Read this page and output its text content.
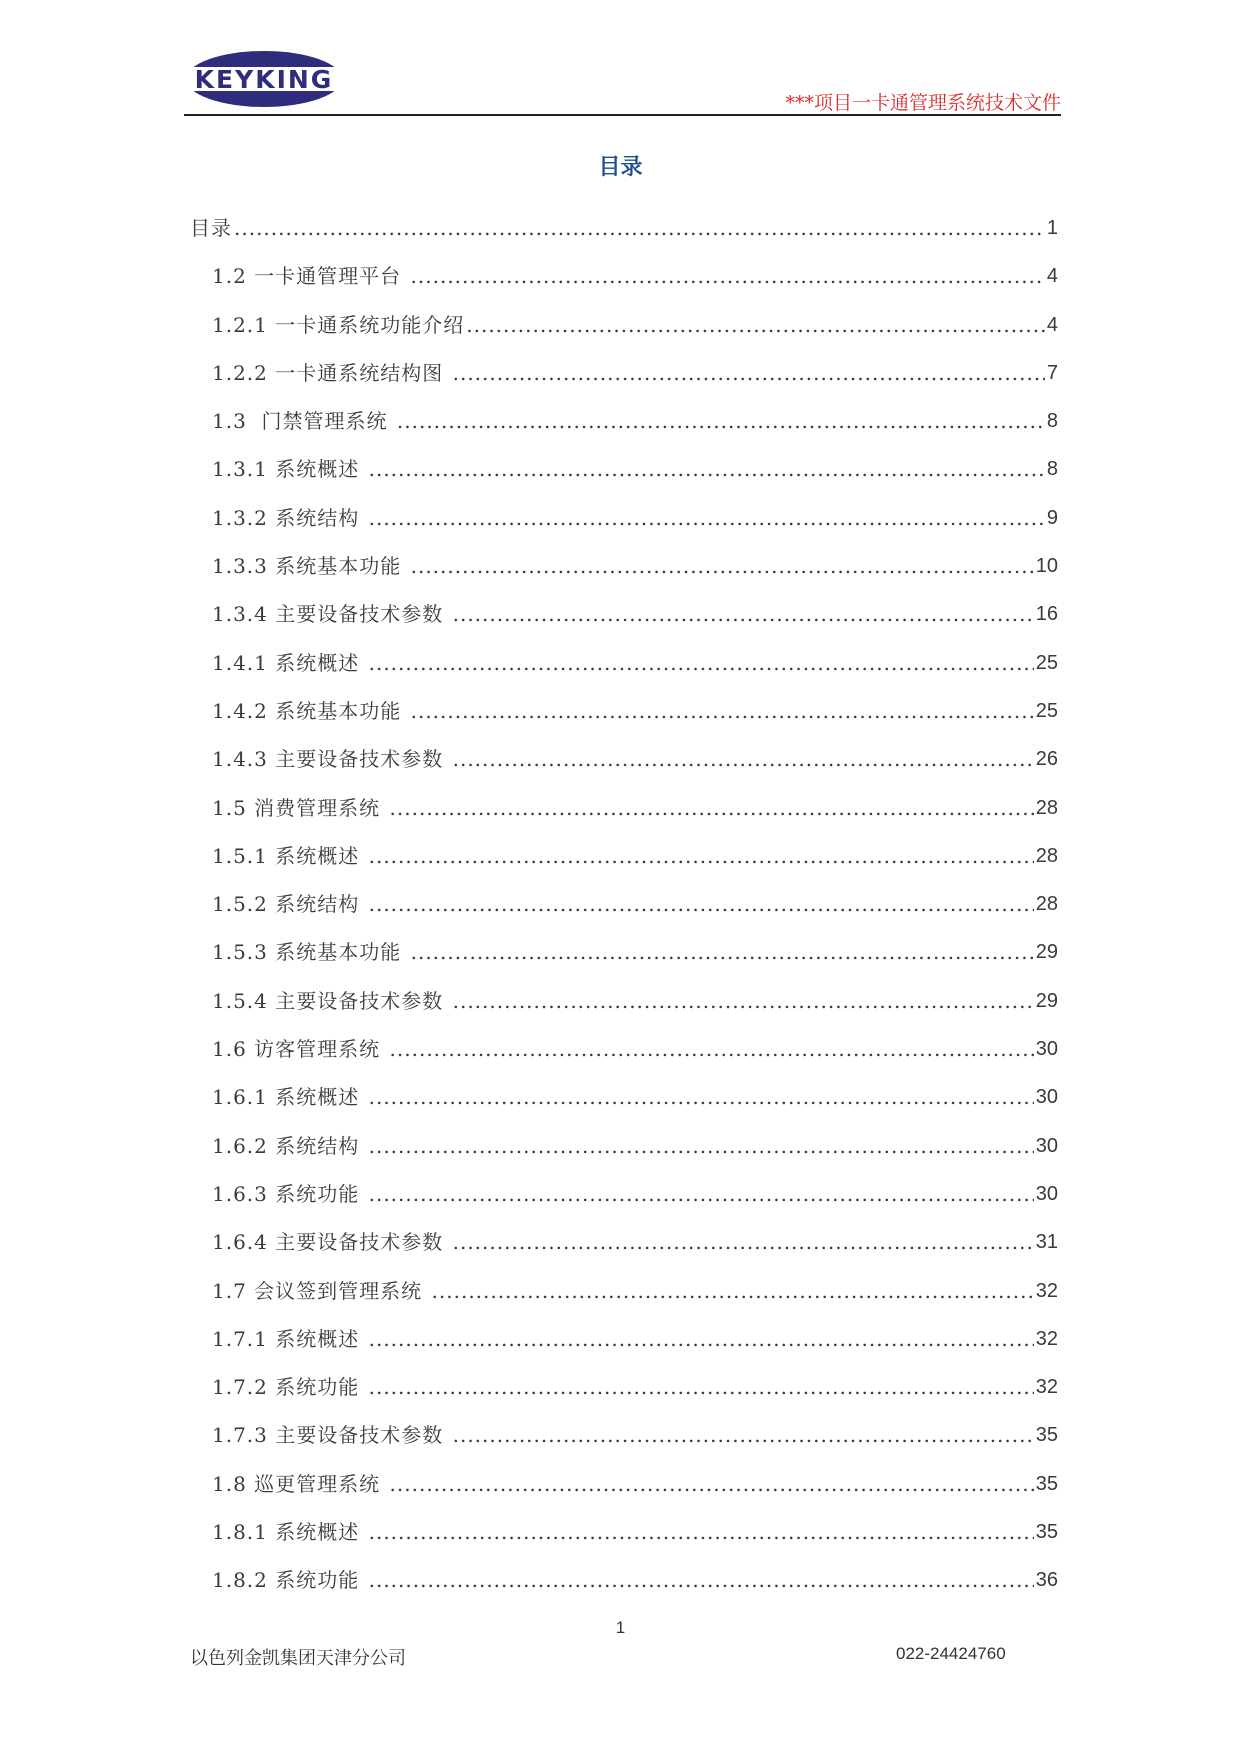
KEYKING
***项目一卡通管理系统技术文件
目录
目录 .....	1
1.2 一卡通管理平台 .....	4
1.2.1 一卡通系统功能介绍 .....	4
1.2.2 一卡通系统结构图 .....	7
1.3  门禁管理系统 .....	8
1.3.1 系统概述 .....	8
1.3.2 系统结构 .....	9
1.3.3 系统基本功能 .....	10
1.3.4 主要设备技术参数 .....	16
1.4.1 系统概述 .....	25
1.4.2 系统基本功能 .....	25
1.4.3 主要设备技术参数 .....	26
1.5 消费管理系统 .....	28
1.5.1 系统概述 .....	28
1.5.2 系统结构 .....	28
1.5.3 系统基本功能 .....	29
1.5.4 主要设备技术参数 .....	29
1.6 访客管理系统 .....	30
1.6.1 系统概述 .....	30
1.6.2 系统结构 .....	30
1.6.3 系统功能 .....	30
1.6.4 主要设备技术参数 .....	31
1.7 会议签到管理系统 .....	32
1.7.1 系统概述 .....	32
1.7.2 系统功能 .....	32
1.7.3 主要设备技术参数 .....	35
1.8 巡更管理系统 .....	35
1.8.1 系统概述 .....	35
1.8.2 系统功能 .....	36
1
以色列金凯集团天津分公司	022-24424760
